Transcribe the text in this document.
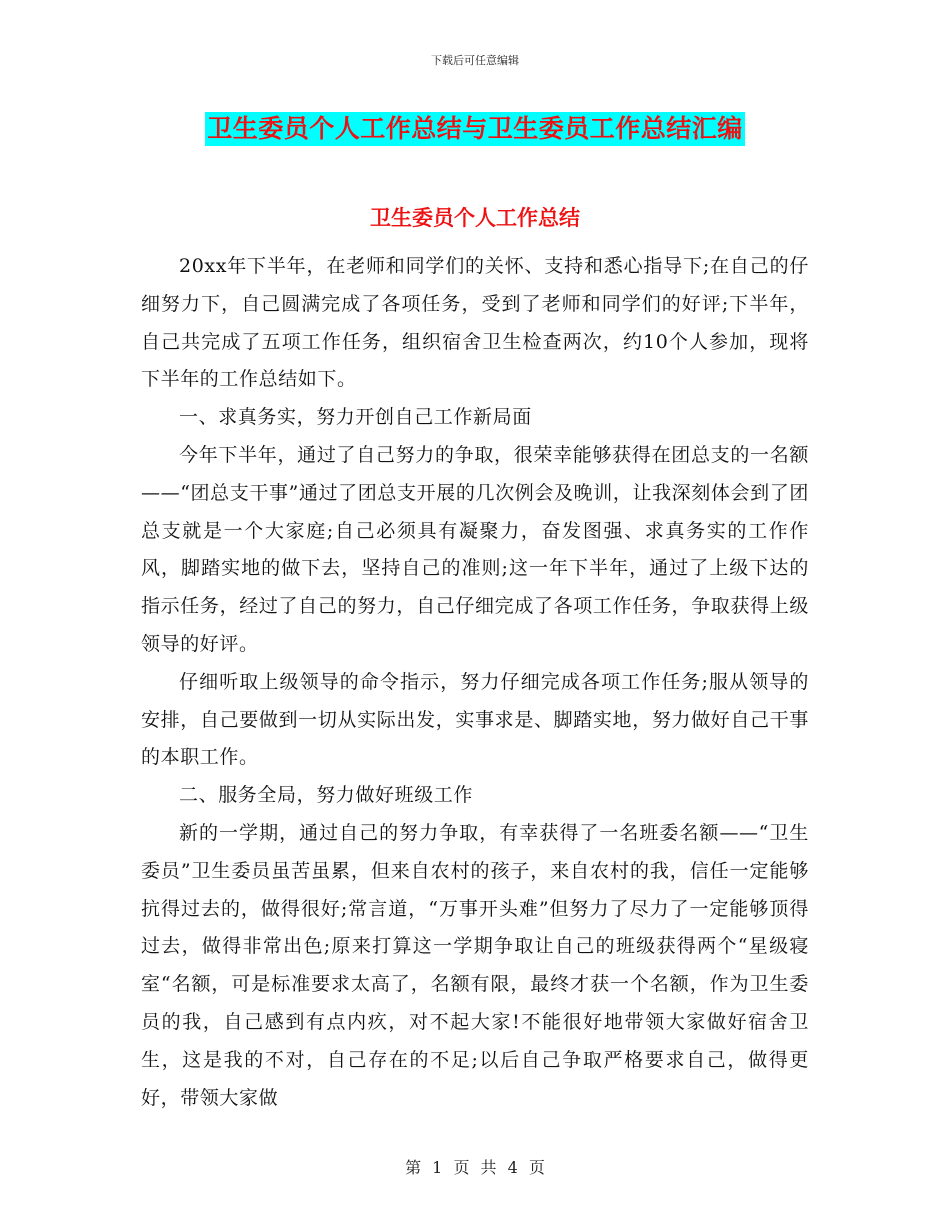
下载后可任意编辑
卫生委员个人工作总结与卫生委员工作总结汇编
卫生委员个人工作总结

20xx年下半年，在老师和同学们的关怀、支持和悉心指导下;在自己的仔细努力下，自己圆满完成了各项任务，受到了老师和同学们的好评;下半年，自己共完成了五项工作任务，组织宿舍卫生检查两次，约10个人参加，现将下半年的工作总结如下。

一、求真务实，努力开创自己工作新局面

今年下半年，通过了自己努力的争取，很荣幸能够获得在团总支的一名额——“团总支干事”通过了团总支开展的几次例会及晚训，让我深刻体会到了团总支就是一个大家庭;自己必须具有凝聚力，奋发图强、求真务实的工作作风，脚踏实地的做下去，坚持自己的准则;这一年下半年，通过了上级下达的指示任务，经过了自己的努力，自己仔细完成了各项工作任务，争取获得上级领导的好评。

仔细听取上级领导的命令指示，努力仔细完成各项工作任务;服从领导的安排，自己要做到一切从实际出发，实事求是、脚踏实地，努力做好自己干事的本职工作。

二、服务全局，努力做好班级工作

新的一学期，通过自己的努力争取，有幸获得了一名班委名额——“卫生委员”卫生委员虽苦虽累，但来自农村的孩子，来自农村的我，信任一定能够抗得过去的，做得很好;常言道，“万事开头难”但努力了尽力了一定能够顶得过去，做得非常出色;原来打算这一学期争取让自己的班级获得两个“星级寝室“名额，可是标准要求太高了，名额有限，最终才获一个名额，作为卫生委员的我，自己感到有点内疚，对不起大家!不能很好地带领大家做好宿舍卫生，这是我的不对，自己存在的不足;以后自己争取严格要求自己，做得更好，带领大家做

第 1 页 共 4 页
